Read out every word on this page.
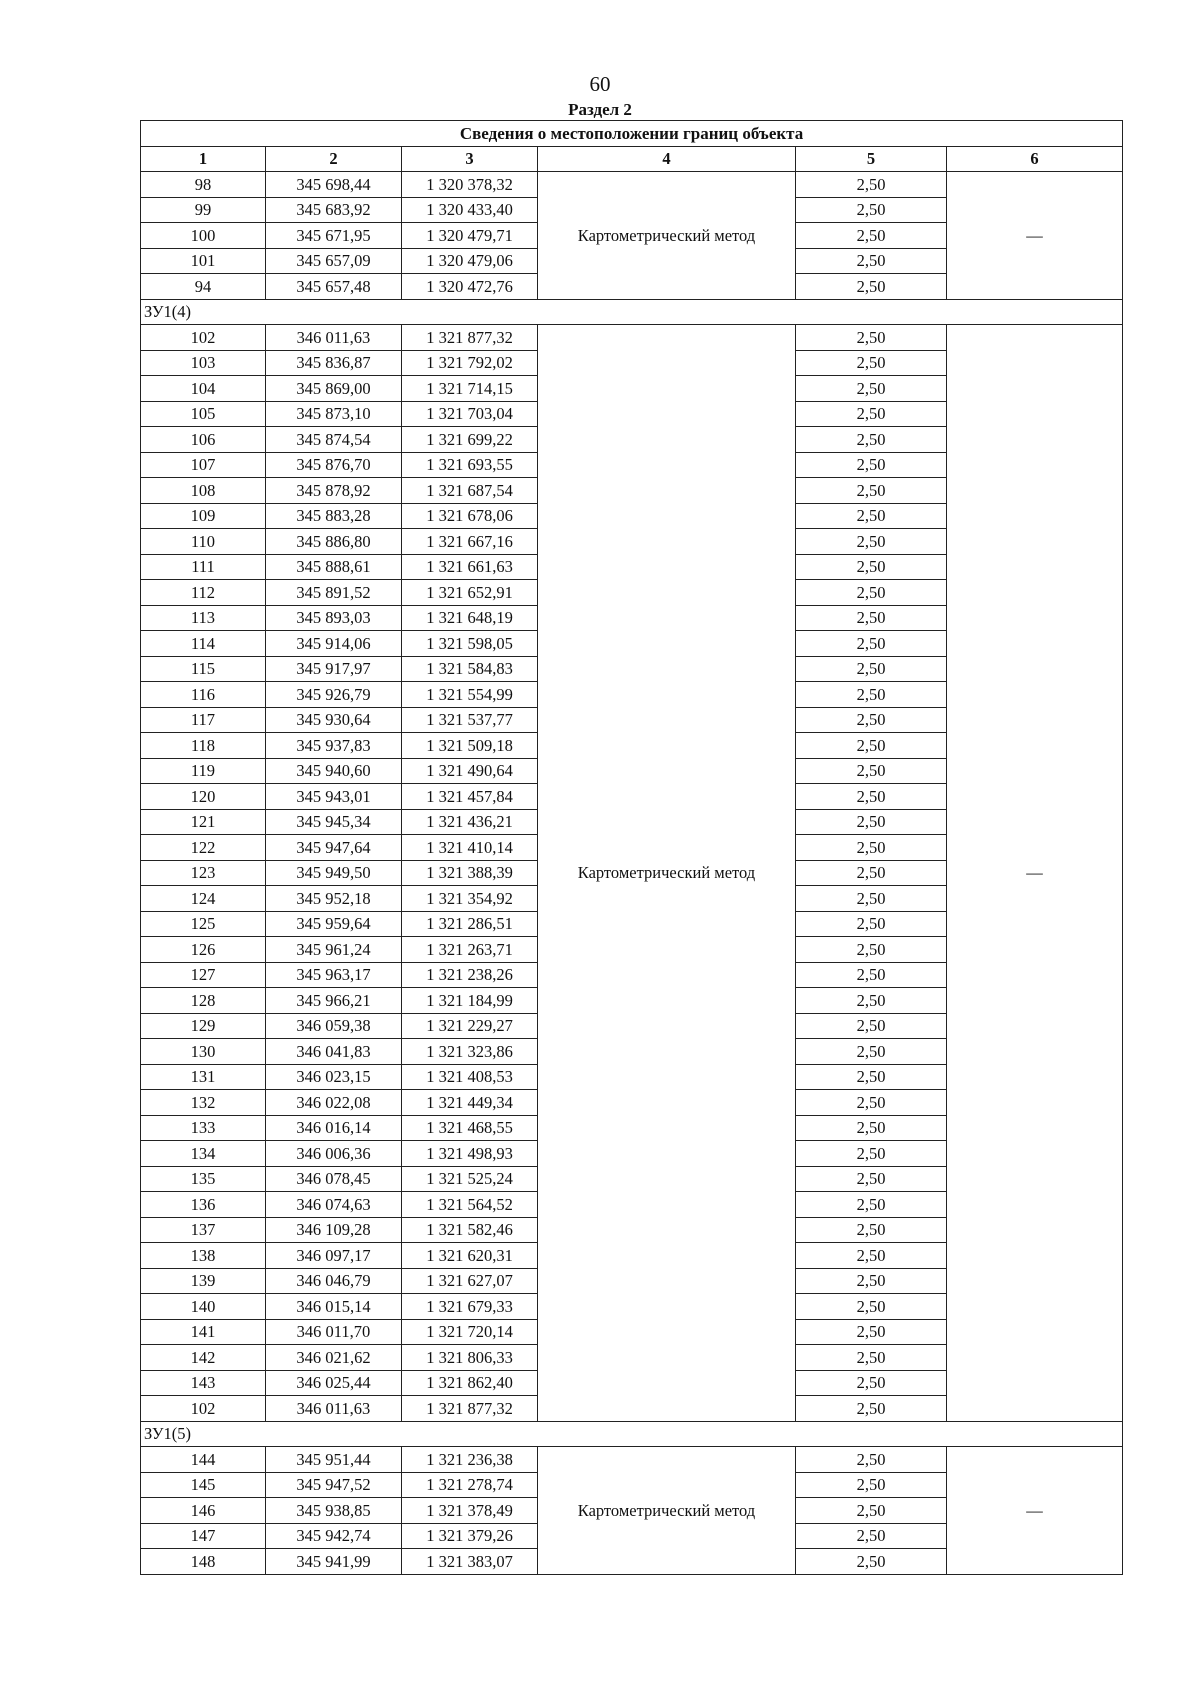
60
Раздел 2
Сведения о местоположении границ объекта					
1	2	3	4	5	6
98	345 698,44	1 320 378,32	Картометрический метод	2,50	—
99	345 683,92	1 320 433,40		2,50	
100	345 671,95	1 320 479,71		2,50	
101	345 657,09	1 320 479,06		2,50	
94	345 657,48	1 320 472,76		2,50	
ЗУ1(4)					
102	346 011,63	1 321 877,32	Картометрический метод	2,50	—
103	345 836,87	1 321 792,02		2,50	
104	345 869,00	1 321 714,15		2,50	
105	345 873,10	1 321 703,04		2,50	
106	345 874,54	1 321 699,22		2,50	
107	345 876,70	1 321 693,55		2,50	
108	345 878,92	1 321 687,54		2,50	
109	345 883,28	1 321 678,06		2,50	
110	345 886,80	1 321 667,16		2,50	
111	345 888,61	1 321 661,63		2,50	
112	345 891,52	1 321 652,91		2,50	
113	345 893,03	1 321 648,19		2,50	
114	345 914,06	1 321 598,05		2,50	
115	345 917,97	1 321 584,83		2,50	
116	345 926,79	1 321 554,99		2,50	
117	345 930,64	1 321 537,77		2,50	
118	345 937,83	1 321 509,18		2,50	
119	345 940,60	1 321 490,64		2,50	
120	345 943,01	1 321 457,84		2,50	
121	345 945,34	1 321 436,21		2,50	
122	345 947,64	1 321 410,14		2,50	
123	345 949,50	1 321 388,39		2,50	
124	345 952,18	1 321 354,92		2,50	
125	345 959,64	1 321 286,51		2,50	
126	345 961,24	1 321 263,71		2,50	
127	345 963,17	1 321 238,26		2,50	
128	345 966,21	1 321 184,99		2,50	
129	346 059,38	1 321 229,27		2,50	
130	346 041,83	1 321 323,86		2,50	
131	346 023,15	1 321 408,53		2,50	
132	346 022,08	1 321 449,34		2,50	
133	346 016,14	1 321 468,55		2,50	
134	346 006,36	1 321 498,93		2,50	
135	346 078,45	1 321 525,24		2,50	
136	346 074,63	1 321 564,52		2,50	
137	346 109,28	1 321 582,46		2,50	
138	346 097,17	1 321 620,31		2,50	
139	346 046,79	1 321 627,07		2,50	
140	346 015,14	1 321 679,33		2,50	
141	346 011,70	1 321 720,14		2,50	
142	346 021,62	1 321 806,33		2,50	
143	346 025,44	1 321 862,40		2,50	
102	346 011,63	1 321 877,32		2,50	
ЗУ1(5)					
144	345 951,44	1 321 236,38	Картометрический метод	2,50	—
145	345 947,52	1 321 278,74		2,50	
146	345 938,85	1 321 378,49		2,50	
147	345 942,74	1 321 379,26		2,50	
148	345 941,99	1 321 383,07		2,50	
